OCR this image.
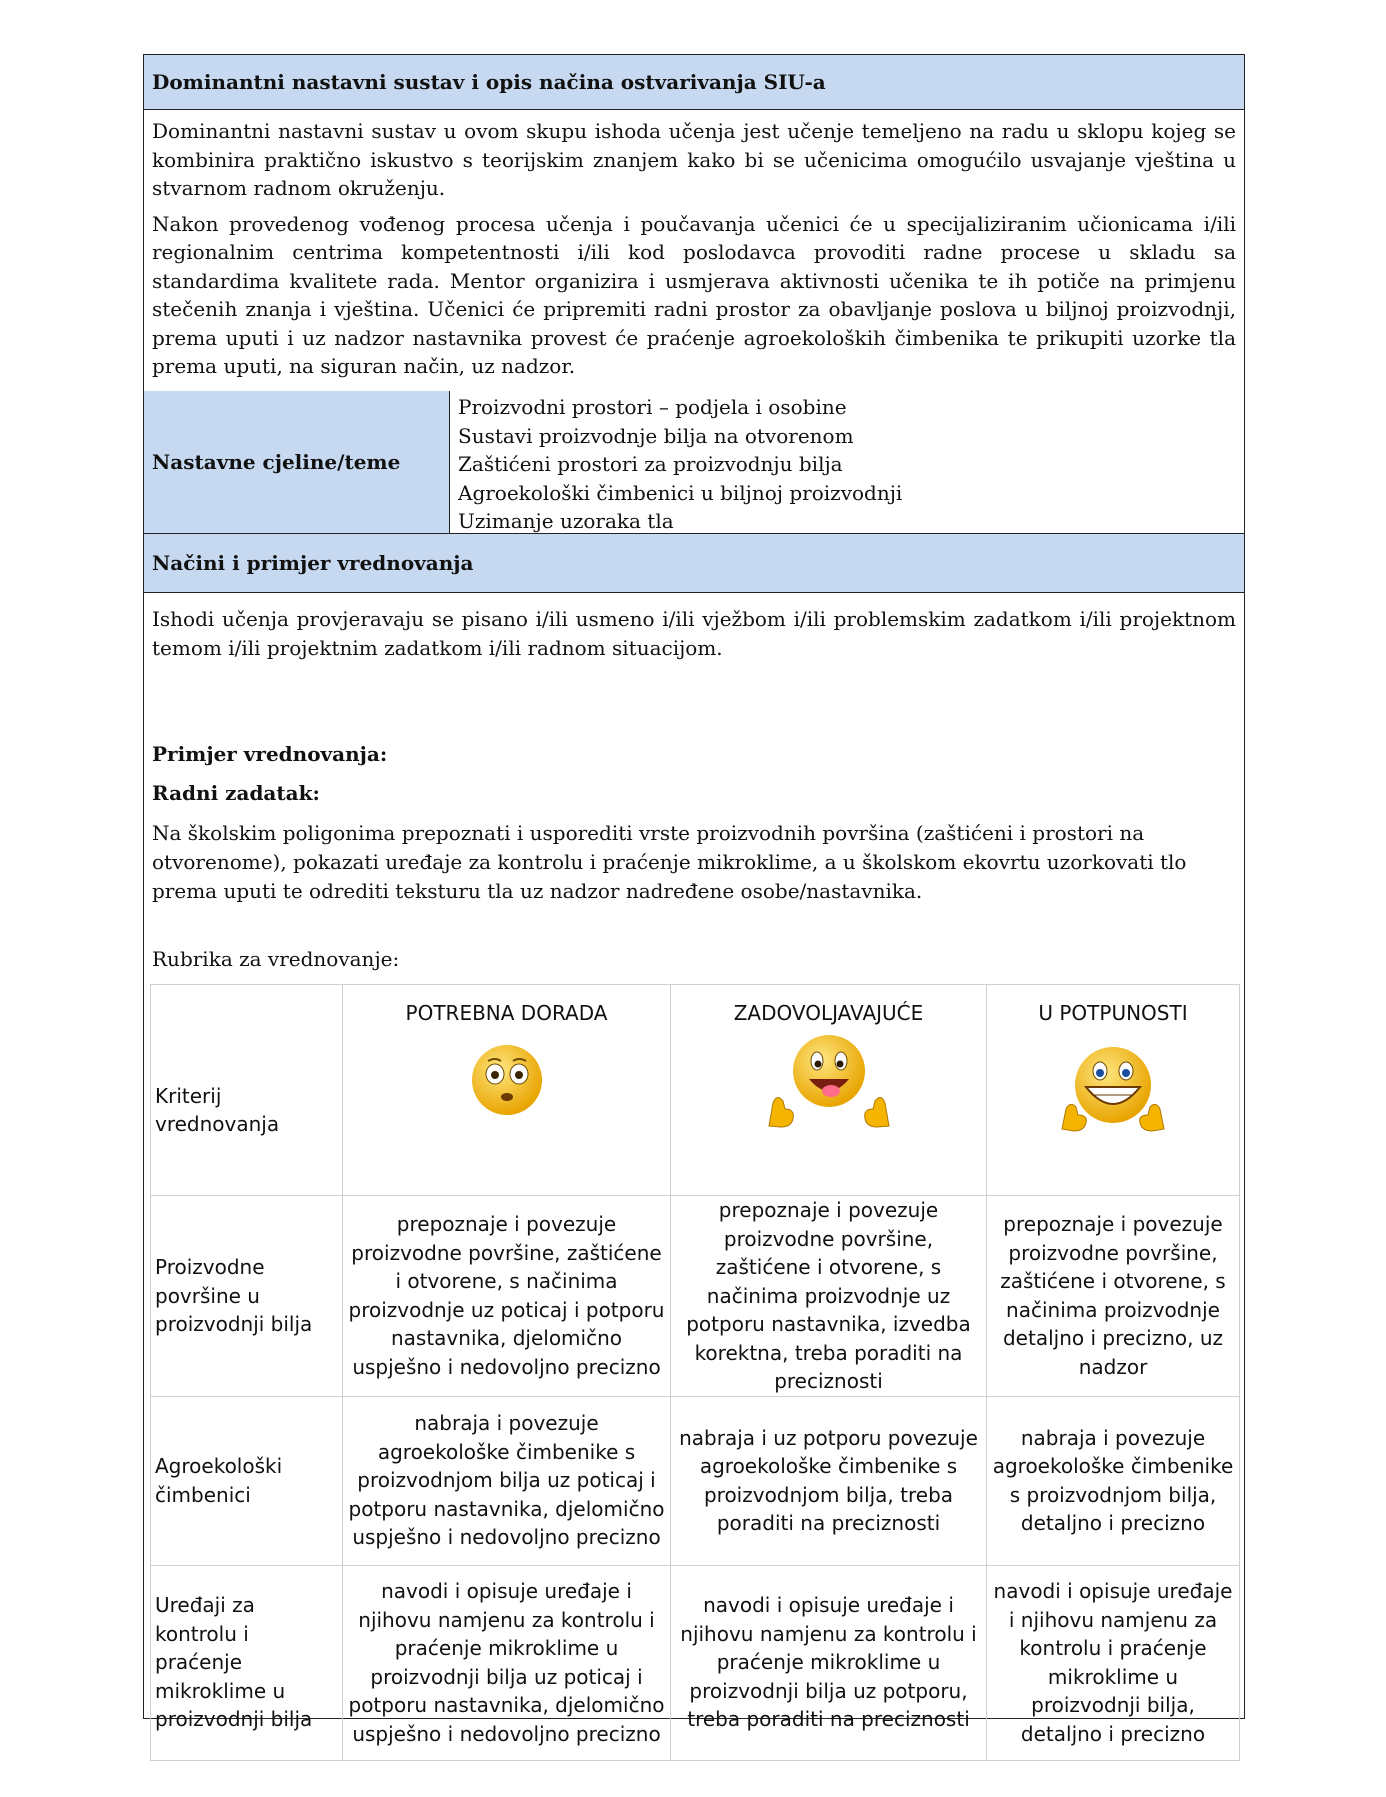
Dominantni nastavni sustav i opis načina ostvarivanja SIU-a

Dominantni nastavni sustav u ovom skupu ishoda učenja jest učenje temeljeno na radu u sklopu kojeg se kombinira praktično iskustvo s teorijskim znanjem kako bi se učenicima omogućilo usvajanje vještina u stvarnom radnom okruženju.

Nakon provedenog vođenog procesa učenja i poučavanja učenici će u specijaliziranim učionicama i/ili regionalnim centrima kompetentnosti i/ili kod poslodavca provoditi radne procese u skladu sa standardima kvalitete rada. Mentor organizira i usmjerava aktivnosti učenika te ih potiče na primjenu stečenih znanja i vještina. Učenici će pripremiti radni prostor za obavljanje poslova u biljnoj proizvodnji, prema uputi i uz nadzor nastavnika provest će praćenje agroekoloških čimbenika te prikupiti uzorke tla prema uputi, na siguran način, uz nadzor.

Nastavne cjeline/teme
Proizvodni prostori – podjela i osobine
Sustavi proizvodnje bilja na otvorenom
Zaštićeni prostori za proizvodnju bilja
Agroekološki čimbenici u biljnoj proizvodnji
Uzimanje uzoraka tla
Načini i primjer vrednovanja

Ishodi učenja provjeravaju se pisano i/ili usmeno i/ili vježbom i/ili problemskim zadatkom i/ili projektnom temom i/ili projektnim zadatkom i/ili radnom situacijom.

Primjer vrednovanja:
Radni zadatak:
Na školskim poligonima prepoznati i usporediti vrste proizvodnih površina (zaštićeni i prostori na otvorenome), pokazati uređaje za kontrolu i praćenje mikroklime, a u školskom ekovrtu uzorkovati tlo prema uputi te odrediti teksturu tla uz nadzor nadređene osobe/nastavnika.
Rubrika za vrednovanje:
Kriterij vrednovanja	POTREBNA DORADA	ZADOVOLJAVAJUĆE	U POTPUNOSTI

Proizvodne površine u proizvodnji bilja	prepoznaje i povezuje proizvodne površine, zaštićene i otvorene, s načinima proizvodnje uz poticaj i potporu nastavnika, djelomično uspješno i nedovoljno precizno	prepoznaje i povezuje proizvodne površine, zaštićene i otvorene, s načinima proizvodnje uz potporu nastavnika, izvedba korektna, treba poraditi na preciznosti	prepoznaje i povezuje proizvodne površine, zaštićene i otvorene, s načinima proizvodnje detaljno i precizno, uz nadzor
Agroekološki čimbenici	nabraja i povezuje agroekološke čimbenike s proizvodnjom bilja uz poticaj i potporu nastavnika, djelomično uspješno i nedovoljno precizno	nabraja i uz potporu povezuje agroekološke čimbenike s proizvodnjom bilja, treba poraditi na preciznosti	nabraja i povezuje agroekološke čimbenike s proizvodnjom bilja, detaljno i precizno
Uređaji za kontrolu i praćenje mikroklime u proizvodnji bilja	navodi i opisuje uređaje i njihovu namjenu za kontrolu i praćenje mikroklime u proizvodnji bilja uz poticaj i potporu nastavnika, djelomično uspješno i nedovoljno precizno	navodi i opisuje uređaje i njihovu namjenu za kontrolu i praćenje mikroklime u proizvodnji bilja uz potporu, treba poraditi na preciznosti	navodi i opisuje uređaje i njihovu namjenu za kontrolu i praćenje mikroklime u proizvodnji bilja, detaljno i precizno
